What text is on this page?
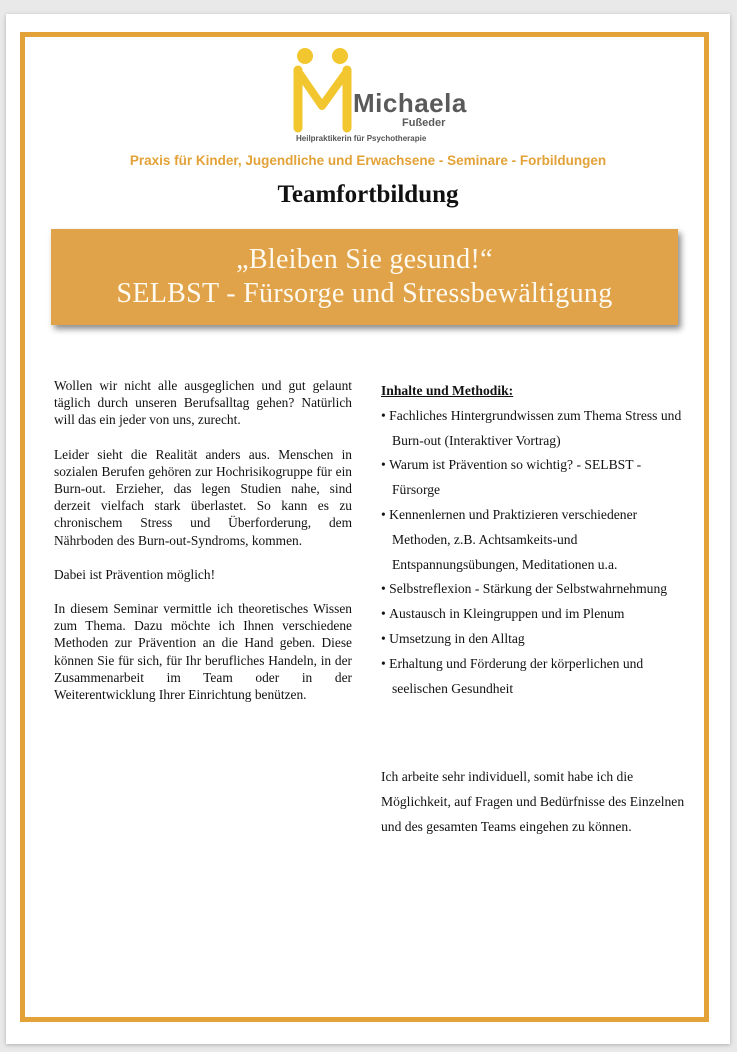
Michaela
Fußeder
Heilpraktikerin für Psychotherapie
Praxis für Kinder, Jugendliche und Erwachsene - Seminare - Forbildungen
Teamfortbildung
„Bleiben Sie gesund!“
SELBST - Fürsorge und Stressbewältigung

Wollen wir nicht alle ausgeglichen und gut gelaunt täglich durch unseren Berufsalltag gehen? Natürlich will das ein jeder von uns, zurecht.

Leider sieht die Realität anders aus. Menschen in sozialen Berufen gehören zur Hochrisikogruppe für ein Burn-out. Erzieher, das legen Studien nahe, sind derzeit vielfach stark überlastet. So kann es zu chronischem Stress und Überforderung, dem Nährboden des Burn-out-Syndroms, kommen.

Dabei ist Prävention möglich!

In diesem Seminar vermittle ich theoretisches Wissen zum Thema. Dazu möchte ich Ihnen verschiedene Methoden zur Prävention an die Hand geben. Diese können Sie für sich, für Ihr berufliches Handeln, in der Zusammenarbeit im Team oder in der Weiterentwicklung Ihrer Einrichtung benützen.

Inhalte und Methodik:

• Fachliches Hintergrundwissen zum Thema Stress und Burn-out (Interaktiver Vortrag)
• Warum ist Prävention so wichtig? - SELBST - Fürsorge
• Kennenlernen und Praktizieren verschiedener Methoden, z.B. Achtsamkeits-und Entspannungsübungen, Meditationen u.a.
• Selbstreflexion - Stärkung der Selbstwahrnehmung
• Austausch in Kleingruppen und im Plenum
• Umsetzung in den Alltag
• Erhaltung und Förderung der körperlichen und seelischen Gesundheit

Ich arbeite sehr individuell, somit habe ich die Möglichkeit, auf Fragen und Bedürfnisse des Einzelnen und des gesamten Teams eingehen zu können.
